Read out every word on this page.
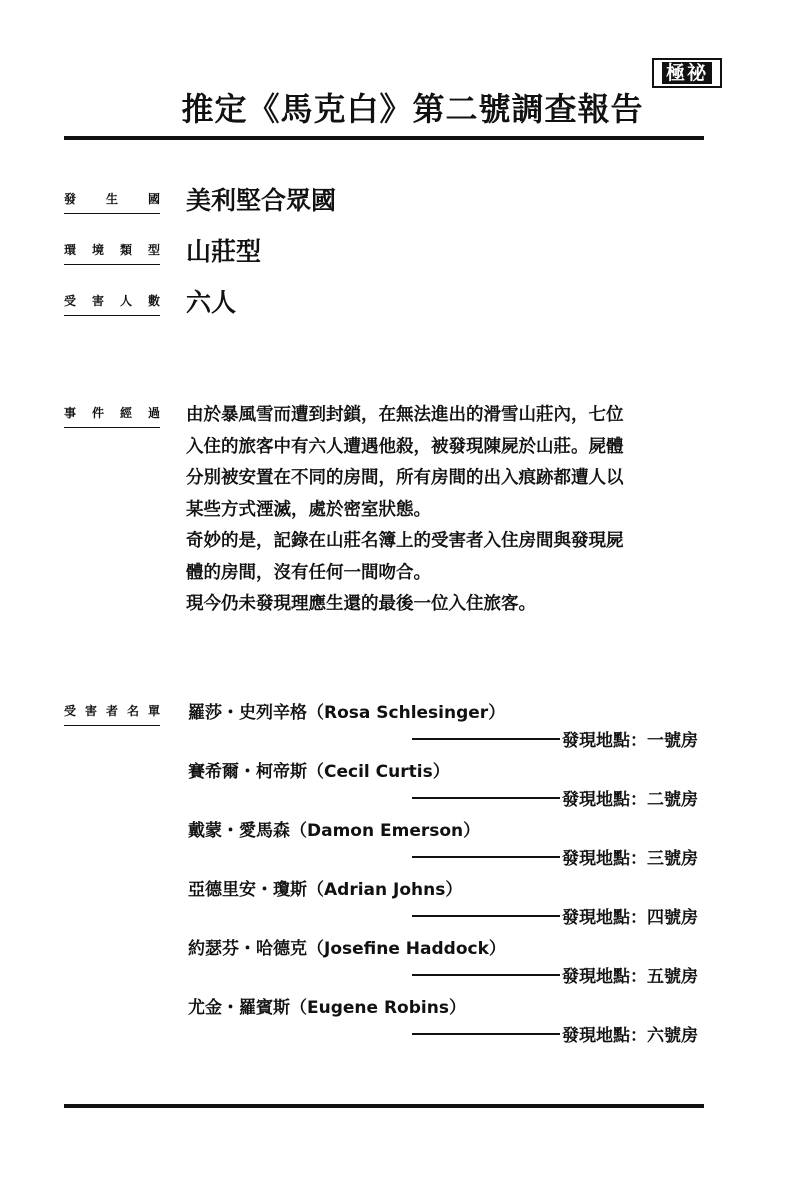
極祕
推定《馬克白》第二號調查報告
發 生 國 美利堅合眾國
環 境 類 型 山莊型
受 害 人 數 六人
事 件 經 過 由於暴風雪而遭到封鎖，在無法進出的滑雪山莊內，七位
入住的旅客中有六人遭遇他殺，被發現陳屍於山莊。屍體
分別被安置在不同的房間，所有房間的出入痕跡都遭人以
某些方式湮滅，處於密室狀態。
奇妙的是，記錄在山莊名簿上的受害者入住房間與發現屍
體的房間，沒有任何一間吻合。
現今仍未發現理應生還的最後一位入住旅客。
受 害 者 名 單 羅莎・史列辛格（Rosa Schlesinger）
發現地點：一號房
賽希爾・柯帝斯（Cecil Curtis）
發現地點：二號房
戴蒙・愛馬森（Damon Emerson）
發現地點：三號房
亞德里安・瓊斯（Adrian Johns）
發現地點：四號房
約瑟芬・哈德克（Josefine Haddock）
發現地點：五號房
尤金・羅賓斯（Eugene Robins）
發現地點：六號房
